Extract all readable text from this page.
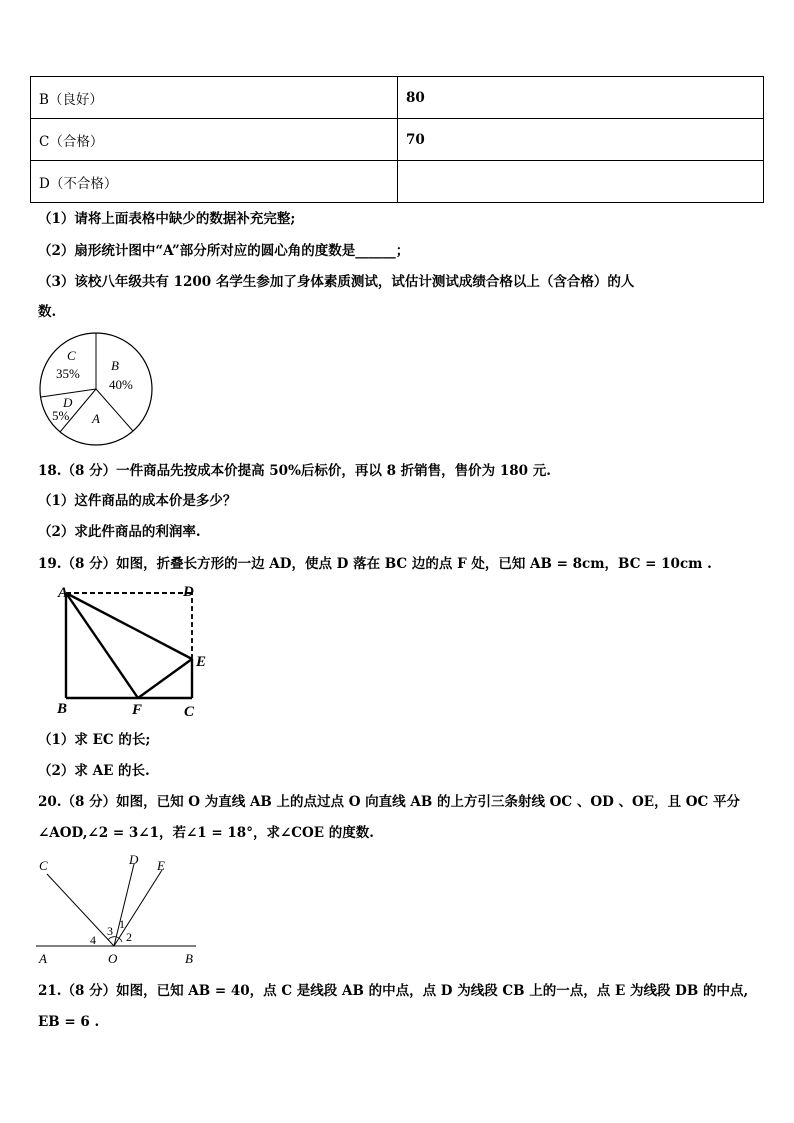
B（良好）	80
C（合格）	70
D（不合格）	
（1）请将上面表格中缺少的数据补充完整;
（2）扇形统计图中“A”部分所对应的圆心角的度数是______；
（3）该校八年级共有 1200 名学生参加了身体素质测试，试估计测试成绩合格以上（含合格）的人
数.
C
35%
B
40%
D
5% A
18.（8 分）一件商品先按成本价提高 50%后标价，再以 8 折销售，售价为 180 元.
（1）这件商品的成本价是多少？
（2）求此件商品的利润率.
19.（8 分）如图，折叠长方形的一边 AD，使点 D 落在 BC 边的点 F 处，已知 AB = 8cm，BC = 10cm .
A	D
E
B	F	C
（1）求 EC 的长;
（2）求 AE 的长.
20.（8 分）如图，已知 O 为直线 AB 上的点过点 O 向直线 AB 的上方引三条射线 OC 、OD 、OE，且 OC 平分
∠AOD,∠2 = 3∠1，若∠1 = 18°，求∠COE 的度数.
C	D E
A	O	B
1
2
3
4
21.（8 分）如图，已知 AB = 40，点 C 是线段 AB 的中点，点 D 为线段 CB 上的一点，点 E 为线段 DB 的中点,
EB = 6 .
